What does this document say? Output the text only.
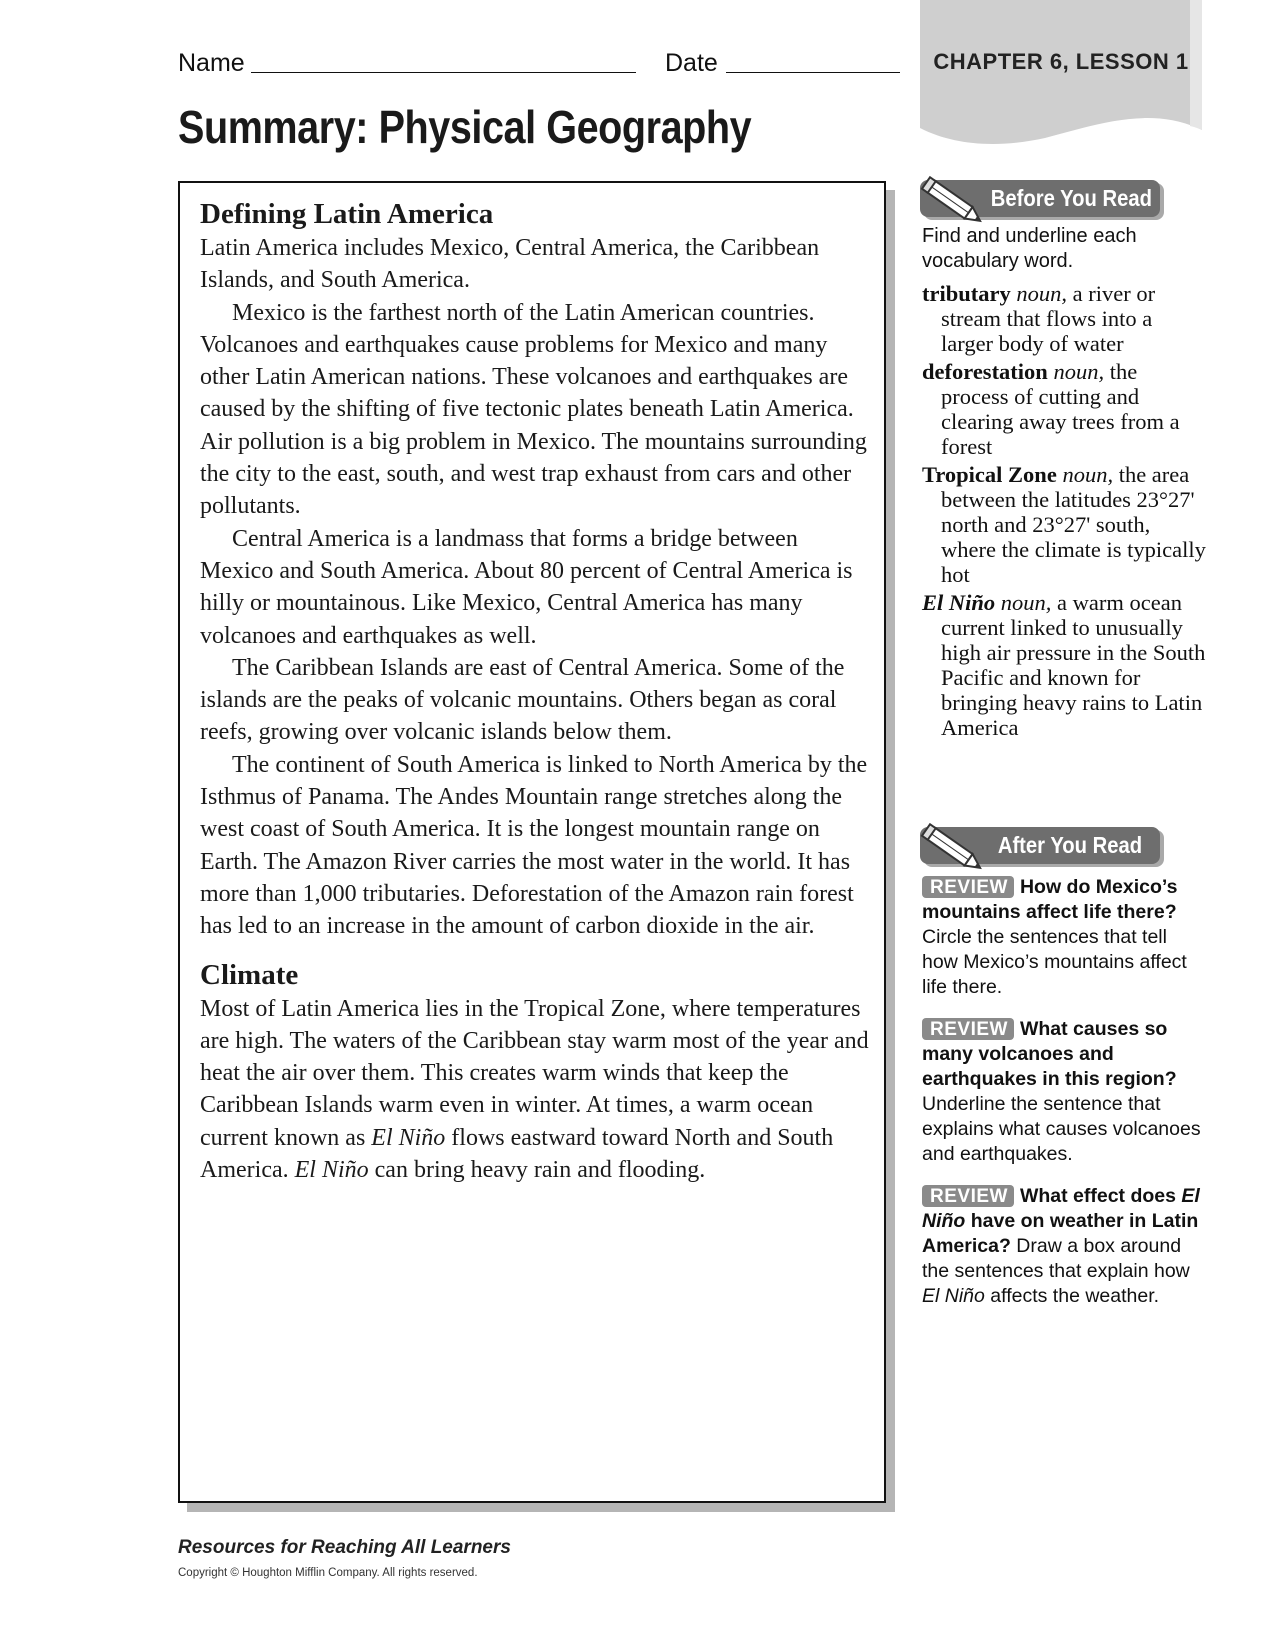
Name	Date	CHAPTER 6, LESSON 1
Summary: Physical Geography
Defining Latin America

Latin America includes Mexico, Central America, the Caribbean Islands, and South America.

Mexico is the farthest north of the Latin American countries. Volcanoes and earthquakes cause problems for Mexico and many other Latin American nations. These volcanoes and earthquakes are caused by the shifting of five tectonic plates beneath Latin America. Air pollution is a big problem in Mexico. The mountains surrounding the city to the east, south, and west trap exhaust from cars and other pollutants.

Central America is a landmass that forms a bridge between Mexico and South America. About 80 percent of Central America is hilly or mountainous. Like Mexico, Central America has many volcanoes and earthquakes as well.

The Caribbean Islands are east of Central America. Some of the islands are the peaks of volcanic mountains. Others began as coral reefs, growing over volcanic islands below them.

The continent of South America is linked to North America by the Isthmus of Panama. The Andes Mountain range stretches along the west coast of South America. It is the longest mountain range on Earth. The Amazon River carries the most water in the world. It has more than 1,000 tributaries. Deforestation of the Amazon rain forest has led to an increase in the amount of carbon dioxide in the air.

Climate

Most of Latin America lies in the Tropical Zone, where temperatures are high. The waters of the Caribbean stay warm most of the year and heat the air over them. This creates warm winds that keep the Caribbean Islands warm even in winter. At times, a warm ocean current known as El Niño flows eastward toward North and South America. El Niño can bring heavy rain and flooding.

Before You Read
Find and underline each vocabulary word.
tributary noun, a river or stream that flows into a larger body of water
deforestation noun, the process of cutting and clearing away trees from a forest
Tropical Zone noun, the area between the latitudes 23°27' north and 23°27' south, where the climate is typically hot
El Niño noun, a warm ocean current linked to unusually high air pressure in the South Pacific and known for bringing heavy rains to Latin America
After You Read
REVIEW How do Mexico’s mountains affect life there? Circle the sentences that tell how Mexico’s mountains affect life there.
REVIEW What causes so many volcanoes and earthquakes in this region? Underline the sentence that explains what causes volcanoes and earthquakes.
REVIEW What effect does El Niño have on weather in Latin America? Draw a box around the sentences that explain how El Niño affects the weather.
Resources for Reaching All Learners
Copyright © Houghton Mifflin Company. All rights reserved.
